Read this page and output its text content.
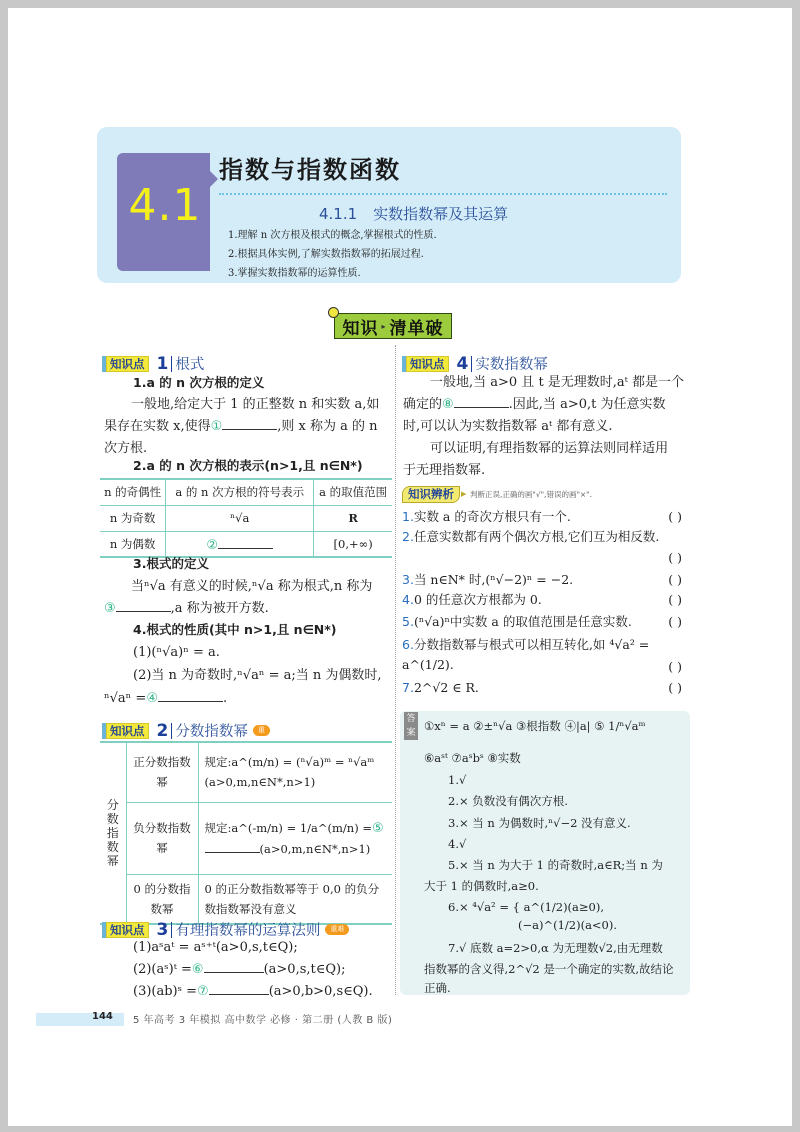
4.1
指数与指数函数
4.1.1 实数指数幂及其运算
1.理解 n 次方根及根式的概念,掌握根式的性质.
2.根据具体实例,了解实数指数幂的拓展过程.
3.掌握实数指数幂的运算性质.
知识 ▸ 清单破
知识点 1 根式
1.a 的 n 次方根的定义
一般地,给定大于 1 的正整数 n 和实数 a,如
果存在实数 x,使得①	,则 x 称为 a 的 n
次方根.
2.a 的 n 次方根的表示(n>1,且 n∈N*)
n 的奇偶性	a 的 n 次方根的符号表示	a 的取值范围
n 为奇数	ⁿ√a	R
n 为偶数	②	[0,+∞)
3.根式的定义
当ⁿ√a 有意义的时候,ⁿ√a 称为根式,n 称为
③	,a 称为被开方数.
4.根式的性质(其中 n>1,且 n∈N*)
(1)(ⁿ√a)ⁿ = a.
(2)当 n 为奇数时,ⁿ√aⁿ = a;当 n 为偶数时,
ⁿ√aⁿ =④	.
知识点 2 分数指数幂	重
分数指数幂	正分数指数幂	规定:a^(m/n) = (ⁿ√a)ᵐ = ⁿ√aᵐ (a>0,m,n∈N*,n>1)
	负分数指数幂	规定:a^(-m/n) = 1/a^(m/n) =⑤(a>0,m,n∈N*,n>1)
	0 的分数指数幂	0 的正分数指数幂等于 0,0 的负分数指数幂没有意义
知识点 3 有理指数幂的运算法则	重难
(1)aˢaᵗ = aˢ⁺ᵗ(a>0,s,t∈Q);
(2)(aˢ)ᵗ =⑥	(a>0,s,t∈Q);
(3)(ab)ˢ =⑦	(a>0,b>0,s∈Q).
知识点 4 实数指数幂
一般地,当 a>0 且 t 是无理数时,aᵗ 都是一个
确定的⑧	.因此,当 a>0,t 为任意实数
时,可以认为实数指数幂 aᵗ 都有意义.
可以证明,有理指数幂的运算法则同样适用
于无理指数幂.
知识辨析	▶ 判断正误,正确的画"√",错误的画"×".
1.实数 a 的奇次方根只有一个.	( )
2.任意实数都有两个偶次方根,它们互为相反数.
( )
3.当 n∈N* 时,(ⁿ√−2)ⁿ = −2.	( )
4.0 的任意次方根都为 0.	( )
5.(ⁿ√a)ⁿ中实数 a 的取值范围是任意实数.	( )
6.分数指数幂与根式可以相互转化,如 ⁴√a² = a^(1/2).	( )
7.2^√2 ∈ R.	( )
答案 ①xⁿ = a ②±ⁿ√a ③根指数 ④|a| ⑤ 1/ⁿ√aᵐ
⑥aˢᵗ ⑦aˢbˢ ⑧实数
1.√
2.× 负数没有偶次方根.
3.× 当 n 为偶数时,ⁿ√−2 没有意义.
4.√
5.× 当 n 为大于 1 的奇数时,a∈R;当 n 为
大于 1 的偶数时,a≥0.
6.× ⁴√a² = { a^(1/2)(a≥0),
(−a)^(1/2)(a<0).
7.√ 底数 a=2>0,α 为无理数√2,由无理数
指数幂的含义得,2^√2 是一个确定的实数,故结论
正确.
144 5 年高考 3 年模拟 高中数学 必修 · 第二册 (人教 B 版)
